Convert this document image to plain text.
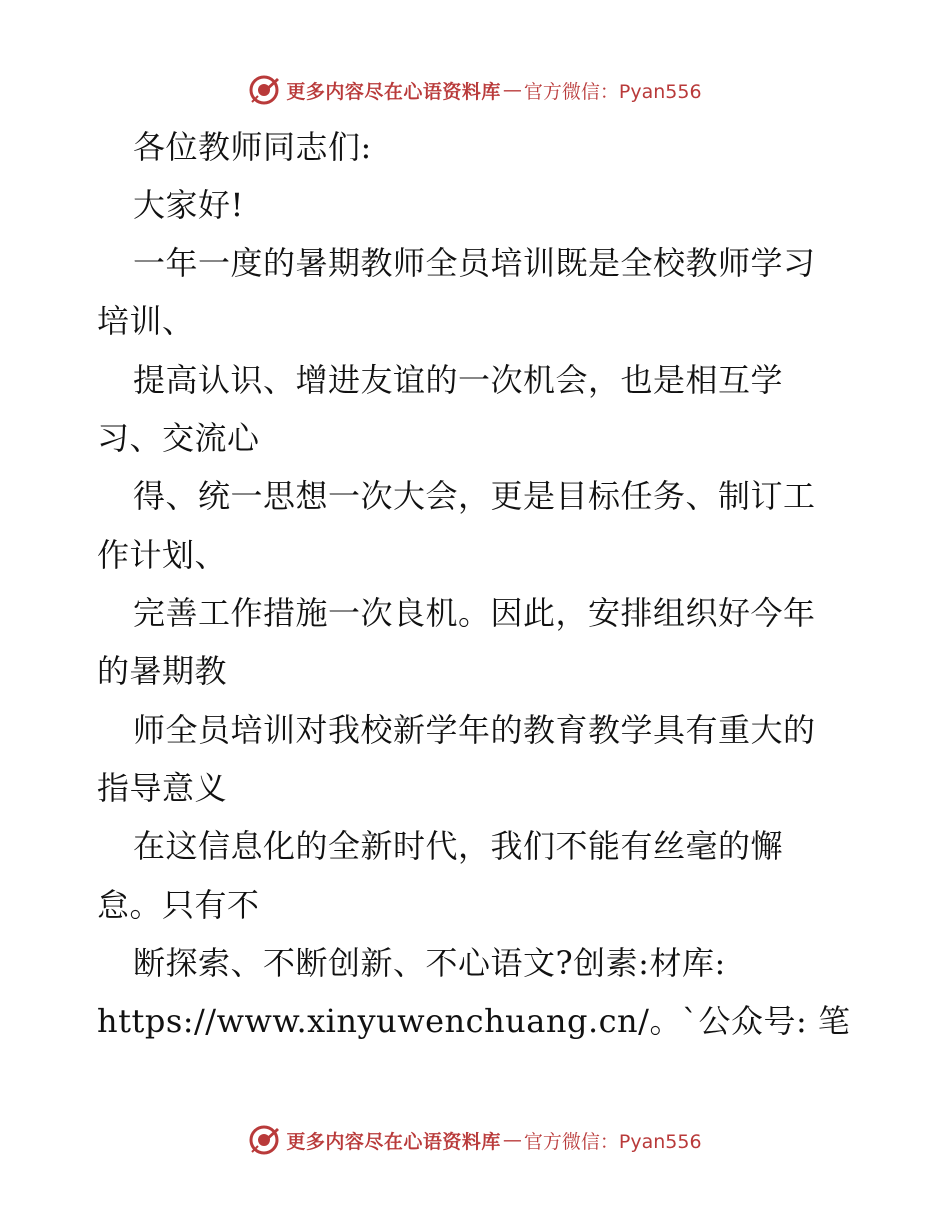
更多内容尽在心语资料库 — 官方微信：Pyan556
各位教师同志们:
大家好!
一年一度的暑期教师全员培训既是全校教师学习
培训、
提高认识、增进友谊的一次机会，也是相互学
习、交流心
得、统一思想一次大会，更是目标任务、制订工
作计划、
完善工作措施一次良机。因此，安排组织好今年
的暑期教
师全员培训对我校新学年的教育教学具有重大的
指导意义
在这信息化的全新时代，我们不能有丝毫的懈
怠。只有不
断探索、不断创新、不心语文?创素:材库:
https://www.xinyuwenchuang.cn/。`公众号: 笔
更多内容尽在心语资料库 — 官方微信：Pyan556
